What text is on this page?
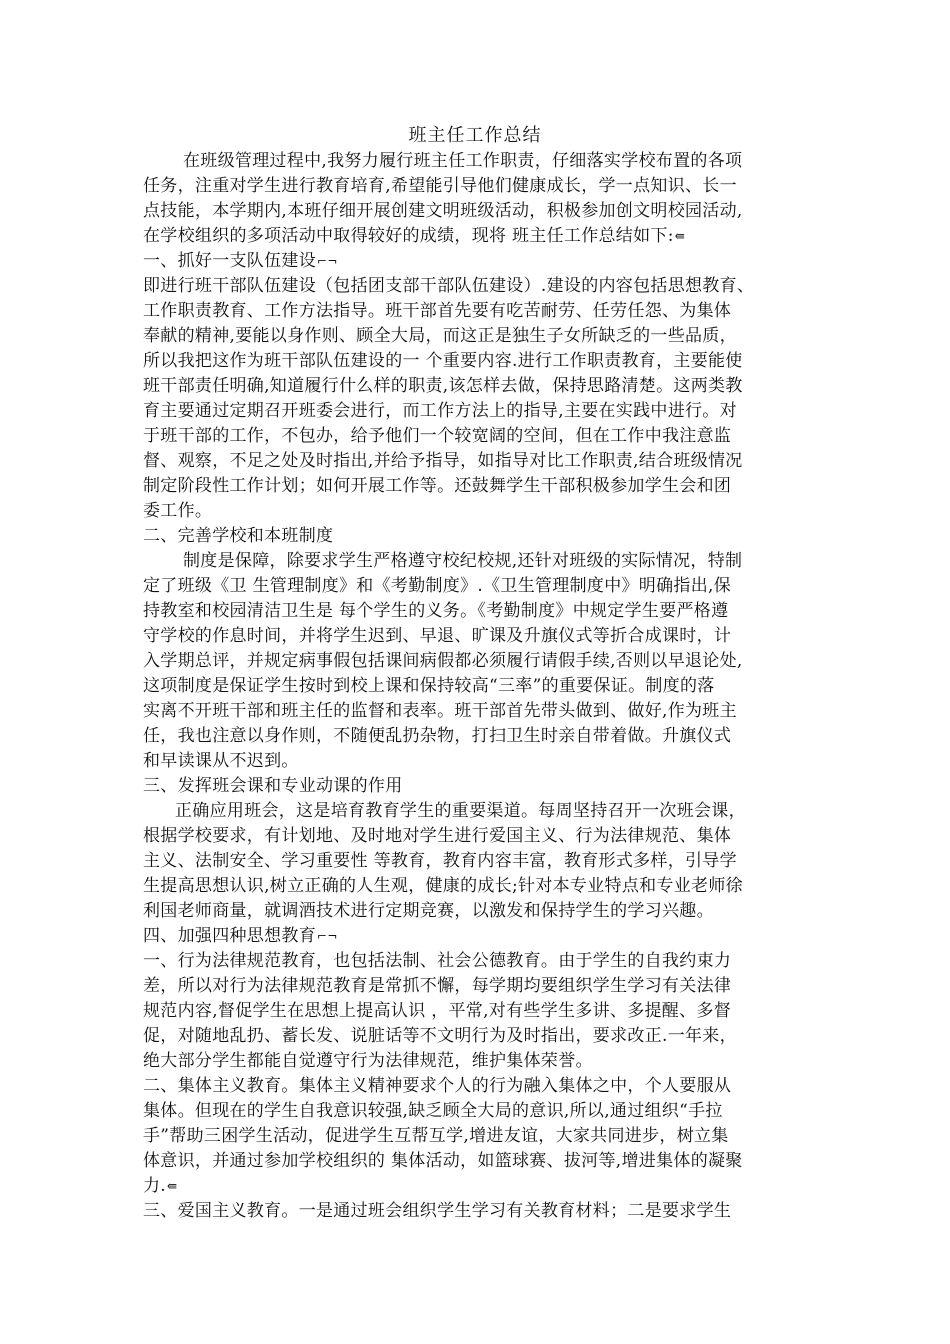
班主任工作总结
在班级管理过程中,我努力履行班主任工作职责，仔细落实学校布置的各项
任务，注重对学生进行教育培育,希望能引导他们健康成长，学一点知识、长一
点技能，本学期内,本班仔细开展创建文明班级活动，积极参加创文明校园活动,
在学校组织的多项活动中取得较好的成绩，现将 班主任工作总结如下:⇚
一、抓好一支队伍建设⌐¬
即进行班干部队伍建设（包括团支部干部队伍建设）.建设的内容包括思想教育、
工作职责教育、工作方法指导。班干部首先要有吃苦耐劳、任劳任怨、为集体
奉献的精神,要能以身作则、顾全大局，而这正是独生子女所缺乏的一些品质，
所以我把这作为班干部队伍建设的一 个重要内容.进行工作职责教育，主要能使
班干部责任明确,知道履行什么样的职责,该怎样去做，保持思路清楚。这两类教
育主要通过定期召开班委会进行，而工作方法上的指导,主要在实践中进行。对
于班干部的工作，不包办，给予他们一个较宽阔的空间，但在工作中我注意监
督、观察，不足之处及时指出,并给予指导，如指导对比工作职责,结合班级情况
制定阶段性工作计划；如何开展工作等。还鼓舞学生干部积极参加学生会和团
委工作。
二、完善学校和本班制度
制度是保障，除要求学生严格遵守校纪校规,还针对班级的实际情况，特制
定了班级《卫 生管理制度》和《考勤制度》.《卫生管理制度中》明确指出,保
持教室和校园清洁卫生是 每个学生的义务。《考勤制度》中规定学生要严格遵
守学校的作息时间，并将学生迟到、早退、旷课及升旗仪式等折合成课时，计
入学期总评，并规定病事假包括课间病假都必须履行请假手续,否则以早退论处,
这项制度是保证学生按时到校上课和保持较高“三率”的重要保证。制度的落
实离不开班干部和班主任的监督和表率。班干部首先带头做到、做好,作为班主
任，我也注意以身作则，不随便乱扔杂物，打扫卫生时亲自带着做。升旗仪式
和早读课从不迟到。
三、发挥班会课和专业动课的作用
正确应用班会，这是培育教育学生的重要渠道。每周坚持召开一次班会课，
根据学校要求，有计划地、及时地对学生进行爱国主义、行为法律规范、集体
主义、法制安全、学习重要性 等教育，教育内容丰富，教育形式多样，引导学
生提高思想认识,树立正确的人生观，健康的成长;针对本专业特点和专业老师徐
利国老师商量，就调酒技术进行定期竞赛，以激发和保持学生的学习兴趣。
四、加强四种思想教育⌐¬
一、行为法律规范教育，也包括法制、社会公德教育。由于学生的自我约束力
差，所以对行为法律规范教育是常抓不懈，每学期均要组织学生学习有关法律
规范内容,督促学生在思想上提高认识 ，平常,对有些学生多讲、多提醒、多督
促，对随地乱扔、蓄长发、说脏话等不文明行为及时指出，要求改正.一年来，
绝大部分学生都能自觉遵守行为法律规范，维护集体荣誉。
二、集体主义教育。集体主义精神要求个人的行为融入集体之中，个人要服从
集体。但现在的学生自我意识较强,缺乏顾全大局的意识,所以,通过组织“手拉
手”帮助三困学生活动，促进学生互帮互学,增进友谊，大家共同进步，树立集
体意识，并通过参加学校组织的 集体活动，如篮球赛、拔河等,增进集体的凝聚
力.⇚
三、爱国主义教育。一是通过班会组织学生学习有关教育材料；二是要求学生
